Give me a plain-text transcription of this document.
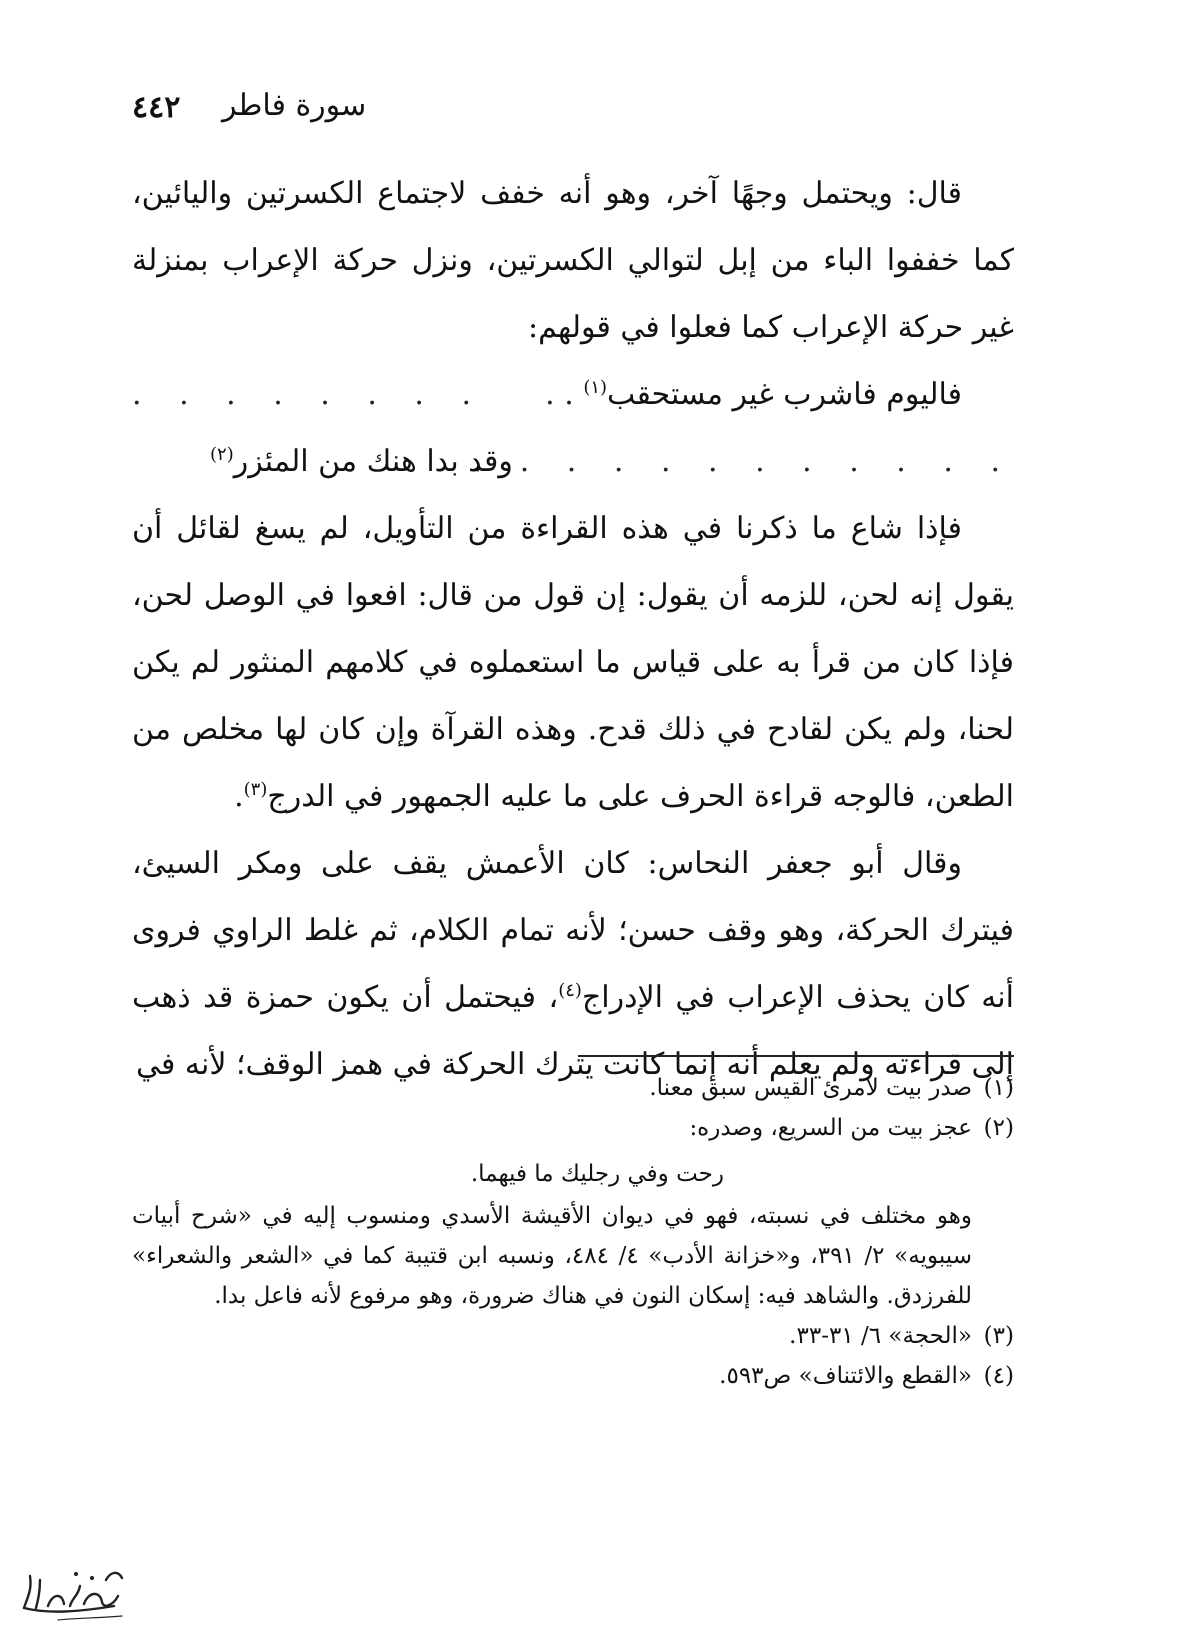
سورة فاطر
٤٤٢

قال: ويحتمل وجهًا آخر، وهو أنه خفف لاجتماع الكسرتين واليائين، كما خففوا الباء من إبل لتوالي الكسرتين، ونزل حركة الإعراب بمنزلة غير حركة الإعراب كما فعلوا في قولهم:

فاليوم فاشرب غير مستحقب$^{(١)}$ . .
. . . . . . . .
. . . . . . . . . . . .
وقد بدا هنك من المئزر$^{(٢)}$

فإذا شاع ما ذكرنا في هذه القراءة من التأويل، لم يسغ لقائل أن يقول إنه لحن، للزمه أن يقول: إن قول من قال: افعوا في الوصل لحن، فإذا كان من قرأ به على قياس ما استعملوه في كلامهم المنثور لم يكن لحنا، ولم يكن لقادح في ذلك قدح. وهذه القرآة وإن كان لها مخلص من الطعن، فالوجه قراءة الحرف على ما عليه الجمهور في الدرج$^{(٣)}$.

وقال أبو جعفر النحاس: كان الأعمش يقف على ومكر السيئ، فيترك الحركة، وهو وقف حسن؛ لأنه تمام الكلام، ثم غلط الراوي فروى أنه كان يحذف الإعراب في الإدراج$^{(٤)}$، فيحتمل أن يكون حمزة قد ذهب إلى قراءته ولم يعلم أنه إنما كانت يترك الحركة في همز الوقف؛ لأنه في

(١)صدر بيت لامرئ القيس سبق معنا.

(٢)عجز بيت من السريع، وصدره:

رحت وفي رجليك ما فيهما.

وهو مختلف في نسبته، فهو في ديوان الأقيشة الأسدي ومنسوب إليه في «شرح أبيات سيبويه» ٢/ ٣٩١، و«خزانة الأدب» ٤/ ٤٨٤، ونسبه ابن قتيبة كما في «الشعر والشعراء» للفرزدق. والشاهد فيه: إسكان النون في هناك ضرورة، وهو مرفوع لأنه فاعل بدا.

(٣)«الحجة» ٦/ ٣١-٣٣.

(٤)«القطع والائتناف» ص٥٩٣.
